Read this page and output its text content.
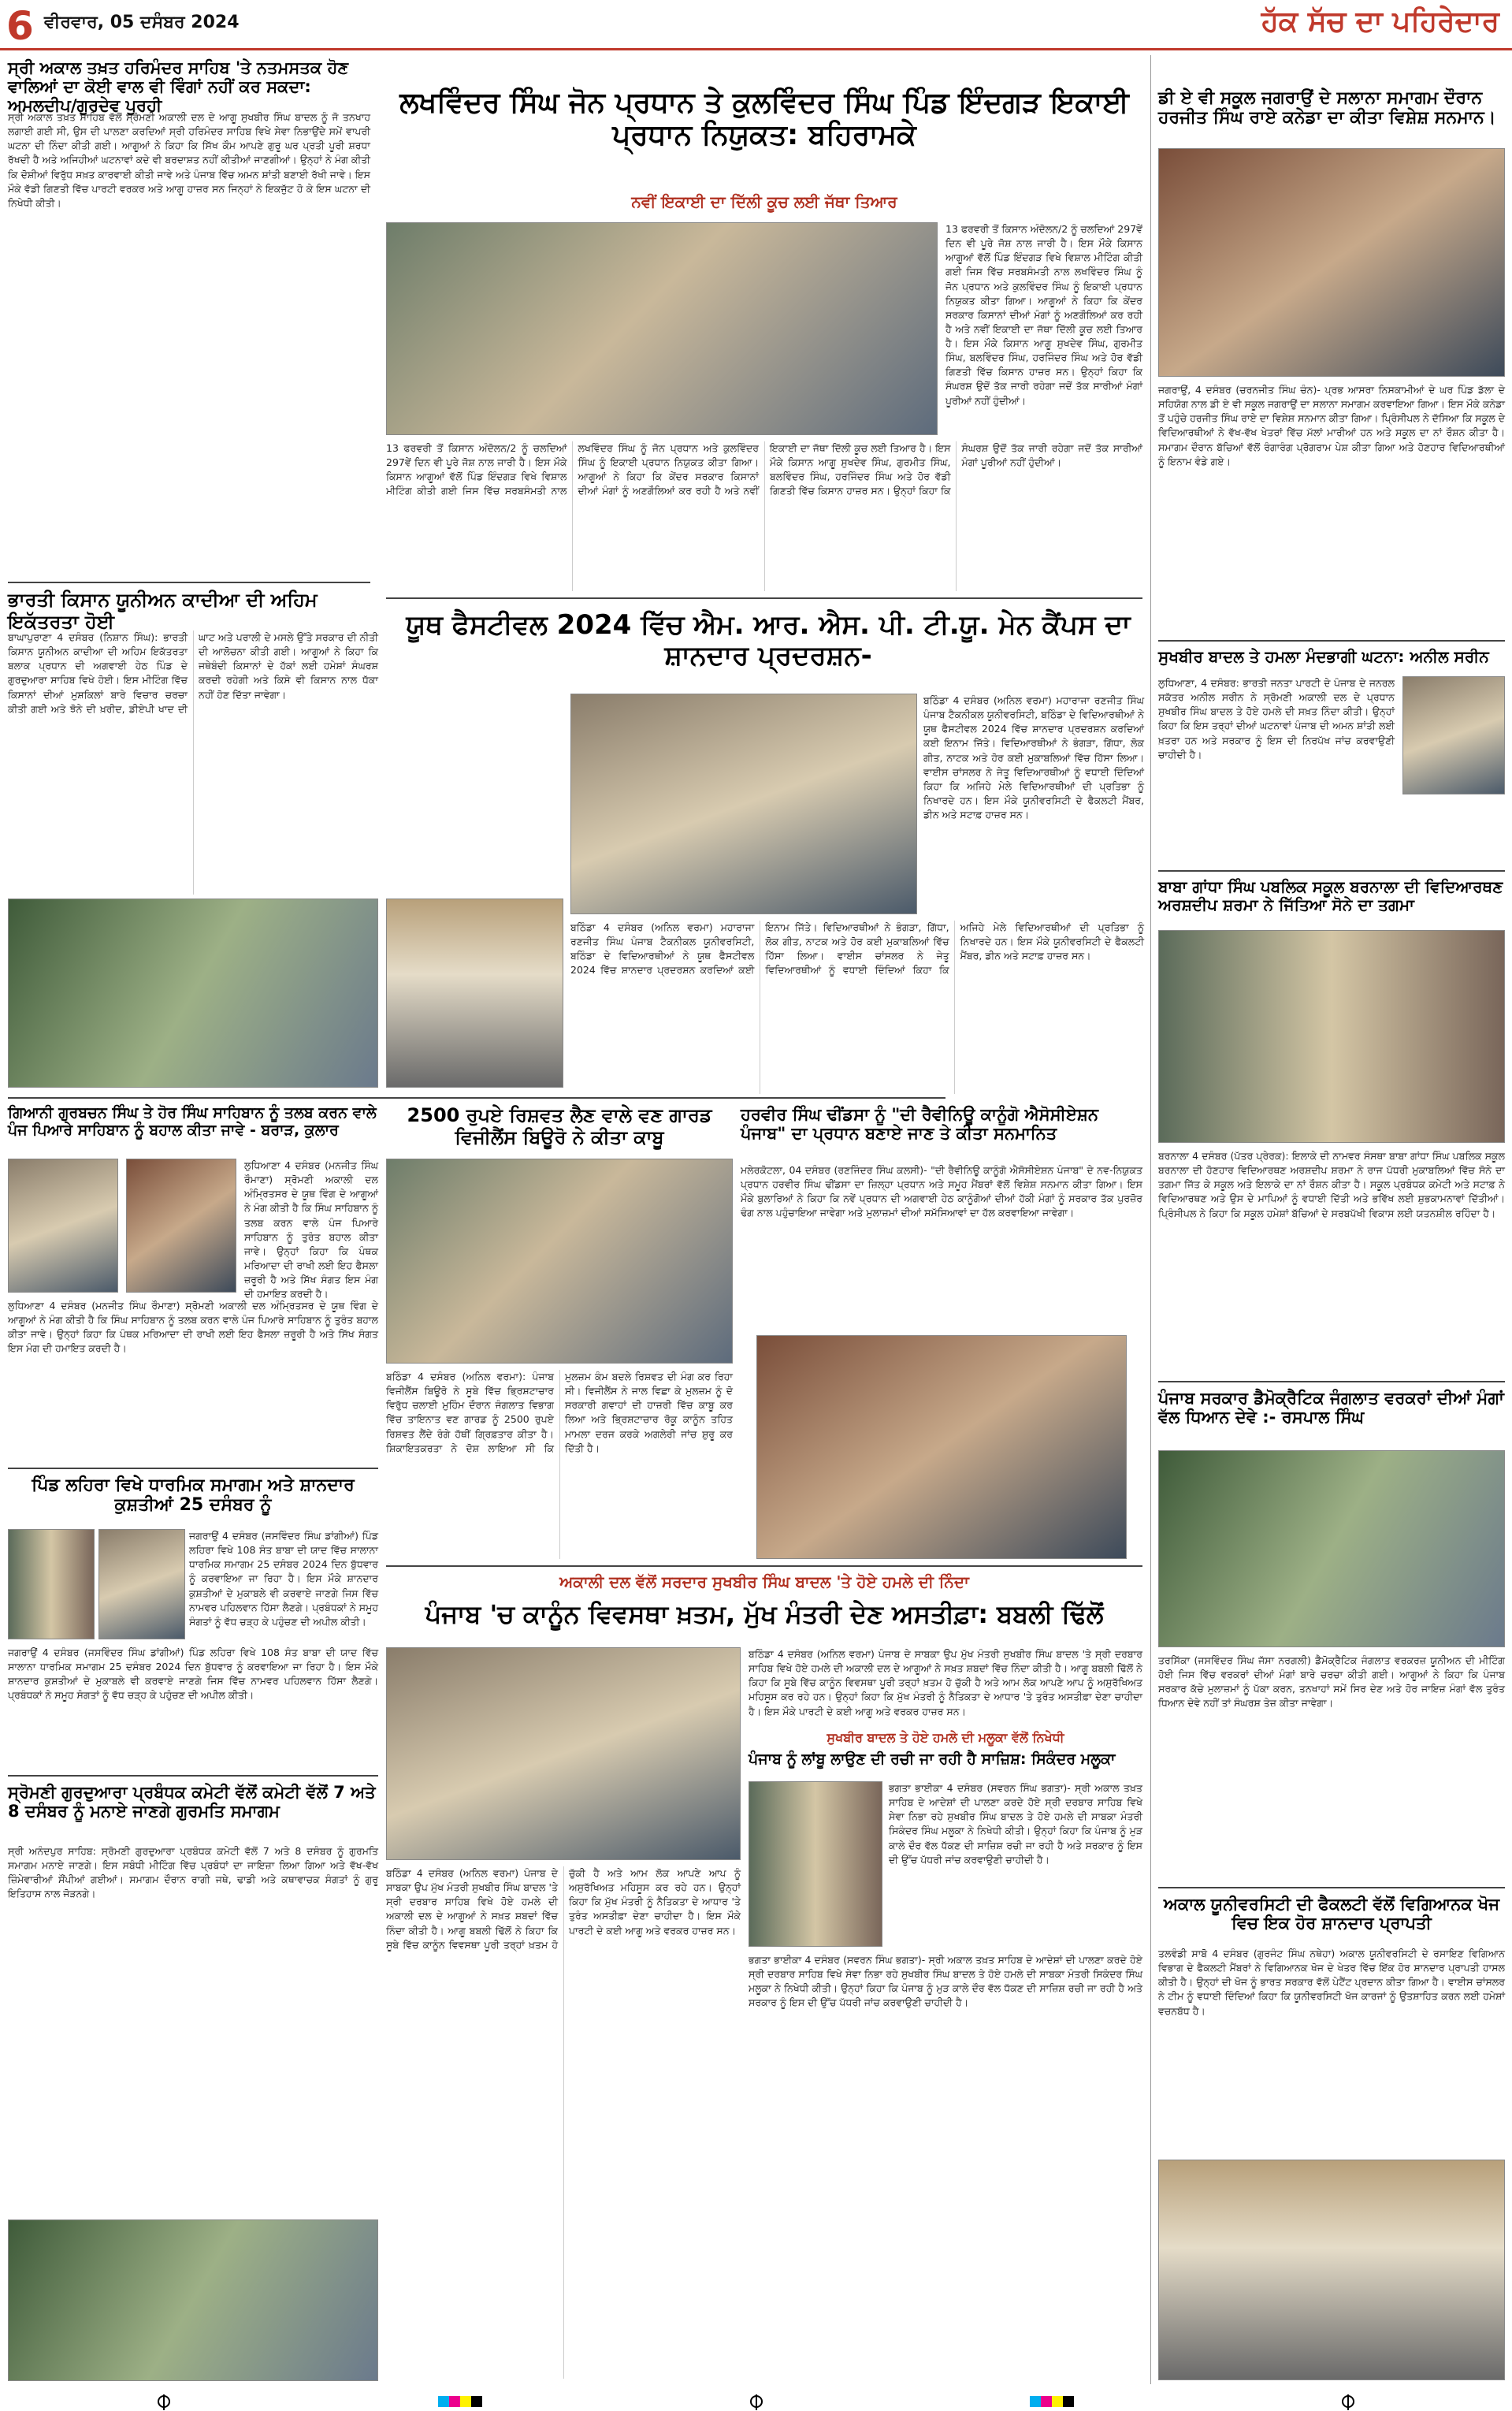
6 ਵੀਰਵਾਰ, 05 ਦਸੰਬਰ 2024	ਹੱਕ ਸੱਚ ਦਾ ਪਹਿਰੇਦਾਰ
ਸ੍ਰੀ ਅਕਾਲ ਤਖ਼ਤ ਹਰਿਮੰਦਰ ਸਾਹਿਬ 'ਤੇ ਨਤਮਸਤਕ ਹੋਣ ਵਾਲਿਆਂ ਦਾ ਕੋਈ ਵਾਲ ਵੀ ਵਿੰਗਾਂ ਨਹੀਂ ਕਰ ਸਕਦਾ: ਅਮਲਦੀਪ/ਗੁਰਦੇਵ ਪੁਰਹੀ
ਸ੍ਰੀ ਅਕਾਲ ਤਖ਼ਤ ਸਾਹਿਬ ਵੱਲੋਂ ਸ੍ਰੋਮਣੀ ਅਕਾਲੀ ਦਲ ਦੇ ਆਗੂ ਸੁਖਬੀਰ ਸਿੰਘ ਬਾਦਲ ਨੂੰ ਜੋ ਤਨਖਾਹ ਲਗਾਈ ਗਈ ਸੀ, ਉਸ ਦੀ ਪਾਲਣਾ ਕਰਦਿਆਂ ਸ੍ਰੀ ਹਰਿਮੰਦਰ ਸਾਹਿਬ ਵਿਖੇ ਸੇਵਾ ਨਿਭਾਉਂਦੇ ਸਮੇਂ ਵਾਪਰੀ ਘਟਨਾ ਦੀ ਨਿੰਦਾ ਕੀਤੀ ਗਈ। ਆਗੂਆਂ ਨੇ ਕਿਹਾ ਕਿ ਸਿੱਖ ਕੌਮ ਆਪਣੇ ਗੁਰੂ ਘਰ ਪ੍ਰਤੀ ਪੂਰੀ ਸ਼ਰਧਾ ਰੱਖਦੀ ਹੈ ਅਤੇ ਅਜਿਹੀਆਂ ਘਟਨਾਵਾਂ ਕਦੇ ਵੀ ਬਰਦਾਸ਼ਤ ਨਹੀਂ ਕੀਤੀਆਂ ਜਾਣਗੀਆਂ। ਉਨ੍ਹਾਂ ਨੇ ਮੰਗ ਕੀਤੀ ਕਿ ਦੋਸ਼ੀਆਂ ਵਿਰੁੱਧ ਸਖ਼ਤ ਕਾਰਵਾਈ ਕੀਤੀ ਜਾਵੇ ਅਤੇ ਪੰਜਾਬ ਵਿੱਚ ਅਮਨ ਸ਼ਾਂਤੀ ਬਣਾਈ ਰੱਖੀ ਜਾਵੇ। ਇਸ ਮੌਕੇ ਵੱਡੀ ਗਿਣਤੀ ਵਿੱਚ ਪਾਰਟੀ ਵਰਕਰ ਅਤੇ ਆਗੂ ਹਾਜ਼ਰ ਸਨ ਜਿਨ੍ਹਾਂ ਨੇ ਇਕਜੁੱਟ ਹੋ ਕੇ ਇਸ ਘਟਨਾ ਦੀ ਨਿਖੇਧੀ ਕੀਤੀ।
ਭਾਰਤੀ ਕਿਸਾਨ ਯੂਨੀਅਨ ਕਾਦੀਆ ਦੀ ਅਹਿਮ ਇਕੱਤਰਤਾ ਹੋਈ
ਬਾਘਾਪੁਰਾਣਾ 4 ਦਸੰਬਰ (ਨਿਸ਼ਾਨ ਸਿੰਘ): ਭਾਰਤੀ ਕਿਸਾਨ ਯੂਨੀਅਨ ਕਾਦੀਆ ਦੀ ਅਹਿਮ ਇਕੱਤਰਤਾ ਬਲਾਕ ਪ੍ਰਧਾਨ ਦੀ ਅਗਵਾਈ ਹੇਠ ਪਿੰਡ ਦੇ ਗੁਰਦੁਆਰਾ ਸਾਹਿਬ ਵਿਖੇ ਹੋਈ। ਇਸ ਮੀਟਿੰਗ ਵਿੱਚ ਕਿਸਾਨਾਂ ਦੀਆਂ ਮੁਸ਼ਕਿਲਾਂ ਬਾਰੇ ਵਿਚਾਰ ਚਰਚਾ ਕੀਤੀ ਗਈ ਅਤੇ ਝੋਨੇ ਦੀ ਖ਼ਰੀਦ, ਡੀਏਪੀ ਖਾਦ ਦੀ ਘਾਟ ਅਤੇ ਪਰਾਲੀ ਦੇ ਮਸਲੇ ਉੱਤੇ ਸਰਕਾਰ ਦੀ ਨੀਤੀ ਦੀ ਆਲੋਚਨਾ ਕੀਤੀ ਗਈ। ਆਗੂਆਂ ਨੇ ਕਿਹਾ ਕਿ ਜਥੇਬੰਦੀ ਕਿਸਾਨਾਂ ਦੇ ਹੱਕਾਂ ਲਈ ਹਮੇਸ਼ਾਂ ਸੰਘਰਸ਼ ਕਰਦੀ ਰਹੇਗੀ ਅਤੇ ਕਿਸੇ ਵੀ ਕਿਸਾਨ ਨਾਲ ਧੱਕਾ ਨਹੀਂ ਹੋਣ ਦਿੱਤਾ ਜਾਵੇਗਾ।
ਲਖਵਿੰਦਰ ਸਿੰਘ ਜੋਨ ਪ੍ਰਧਾਨ ਤੇ ਕੁਲਵਿੰਦਰ ਸਿੰਘ ਪਿੰਡ ਇੰਦਗੜ ਇਕਾਈ ਪ੍ਰਧਾਨ ਨਿਯੁਕਤ: ਬਹਿਰਾਮਕੇ
ਨਵੀਂ ਇਕਾਈ ਦਾ ਦਿੱਲੀ ਕੂਚ ਲਈ ਜੱਥਾ ਤਿਆਰ
13 ਫਰਵਰੀ ਤੋਂ ਕਿਸਾਨ ਅੰਦੋਲਨ/2 ਨੂੰ ਚਲਦਿਆਂ 297ਵੇਂ ਦਿਨ ਵੀ ਪੂਰੇ ਜੋਸ਼ ਨਾਲ ਜਾਰੀ ਹੈ। ਇਸ ਮੌਕੇ ਕਿਸਾਨ ਆਗੂਆਂ ਵੱਲੋਂ ਪਿੰਡ ਇੰਦਗੜ ਵਿਖੇ ਵਿਸ਼ਾਲ ਮੀਟਿੰਗ ਕੀਤੀ ਗਈ ਜਿਸ ਵਿੱਚ ਸਰਬਸੰਮਤੀ ਨਾਲ ਲਖਵਿੰਦਰ ਸਿੰਘ ਨੂੰ ਜੋਨ ਪ੍ਰਧਾਨ ਅਤੇ ਕੁਲਵਿੰਦਰ ਸਿੰਘ ਨੂੰ ਇਕਾਈ ਪ੍ਰਧਾਨ ਨਿਯੁਕਤ ਕੀਤਾ ਗਿਆ। ਆਗੂਆਂ ਨੇ ਕਿਹਾ ਕਿ ਕੇਂਦਰ ਸਰਕਾਰ ਕਿਸਾਨਾਂ ਦੀਆਂ ਮੰਗਾਂ ਨੂੰ ਅਣਗੌਲਿਆਂ ਕਰ ਰਹੀ ਹੈ ਅਤੇ ਨਵੀਂ ਇਕਾਈ ਦਾ ਜੱਥਾ ਦਿੱਲੀ ਕੂਚ ਲਈ ਤਿਆਰ ਹੈ। ਇਸ ਮੌਕੇ ਕਿਸਾਨ ਆਗੂ ਸੁਖਦੇਵ ਸਿੰਘ, ਗੁਰਮੀਤ ਸਿੰਘ, ਬਲਵਿੰਦਰ ਸਿੰਘ, ਹਰਜਿੰਦਰ ਸਿੰਘ ਅਤੇ ਹੋਰ ਵੱਡੀ ਗਿਣਤੀ ਵਿੱਚ ਕਿਸਾਨ ਹਾਜ਼ਰ ਸਨ। ਉਨ੍ਹਾਂ ਕਿਹਾ ਕਿ ਸੰਘਰਸ਼ ਉਦੋਂ ਤੱਕ ਜਾਰੀ ਰਹੇਗਾ ਜਦੋਂ ਤੱਕ ਸਾਰੀਆਂ ਮੰਗਾਂ ਪੂਰੀਆਂ ਨਹੀਂ ਹੁੰਦੀਆਂ।
13 ਫਰਵਰੀ ਤੋਂ ਕਿਸਾਨ ਅੰਦੋਲਨ/2 ਨੂੰ ਚਲਦਿਆਂ 297ਵੇਂ ਦਿਨ ਵੀ ਪੂਰੇ ਜੋਸ਼ ਨਾਲ ਜਾਰੀ ਹੈ। ਇਸ ਮੌਕੇ ਕਿਸਾਨ ਆਗੂਆਂ ਵੱਲੋਂ ਪਿੰਡ ਇੰਦਗੜ ਵਿਖੇ ਵਿਸ਼ਾਲ ਮੀਟਿੰਗ ਕੀਤੀ ਗਈ ਜਿਸ ਵਿੱਚ ਸਰਬਸੰਮਤੀ ਨਾਲ ਲਖਵਿੰਦਰ ਸਿੰਘ ਨੂੰ ਜੋਨ ਪ੍ਰਧਾਨ ਅਤੇ ਕੁਲਵਿੰਦਰ ਸਿੰਘ ਨੂੰ ਇਕਾਈ ਪ੍ਰਧਾਨ ਨਿਯੁਕਤ ਕੀਤਾ ਗਿਆ। ਆਗੂਆਂ ਨੇ ਕਿਹਾ ਕਿ ਕੇਂਦਰ ਸਰਕਾਰ ਕਿਸਾਨਾਂ ਦੀਆਂ ਮੰਗਾਂ ਨੂੰ ਅਣਗੌਲਿਆਂ ਕਰ ਰਹੀ ਹੈ ਅਤੇ ਨਵੀਂ ਇਕਾਈ ਦਾ ਜੱਥਾ ਦਿੱਲੀ ਕੂਚ ਲਈ ਤਿਆਰ ਹੈ। ਇਸ ਮੌਕੇ ਕਿਸਾਨ ਆਗੂ ਸੁਖਦੇਵ ਸਿੰਘ, ਗੁਰਮੀਤ ਸਿੰਘ, ਬਲਵਿੰਦਰ ਸਿੰਘ, ਹਰਜਿੰਦਰ ਸਿੰਘ ਅਤੇ ਹੋਰ ਵੱਡੀ ਗਿਣਤੀ ਵਿੱਚ ਕਿਸਾਨ ਹਾਜ਼ਰ ਸਨ। ਉਨ੍ਹਾਂ ਕਿਹਾ ਕਿ ਸੰਘਰਸ਼ ਉਦੋਂ ਤੱਕ ਜਾਰੀ ਰਹੇਗਾ ਜਦੋਂ ਤੱਕ ਸਾਰੀਆਂ ਮੰਗਾਂ ਪੂਰੀਆਂ ਨਹੀਂ ਹੁੰਦੀਆਂ।
ਯੂਥ ਫੈਸਟੀਵਲ 2024 ਵਿੱਚ ਐਮ. ਆਰ. ਐਸ. ਪੀ. ਟੀ.ਯੂ. ਮੇਨ ਕੈਂਪਸ ਦਾ ਸ਼ਾਨਦਾਰ ਪ੍ਰਦਰਸ਼ਨ-
ਬਠਿੰਡਾ 4 ਦਸੰਬਰ (ਅਨਿਲ ਵਰਮਾ) ਮਹਾਰਾਜਾ ਰਣਜੀਤ ਸਿੰਘ ਪੰਜਾਬ ਟੈਕਨੀਕਲ ਯੂਨੀਵਰਸਿਟੀ, ਬਠਿੰਡਾ ਦੇ ਵਿਦਿਆਰਥੀਆਂ ਨੇ ਯੂਥ ਫੈਸਟੀਵਲ 2024 ਵਿੱਚ ਸ਼ਾਨਦਾਰ ਪ੍ਰਦਰਸ਼ਨ ਕਰਦਿਆਂ ਕਈ ਇਨਾਮ ਜਿੱਤੇ। ਵਿਦਿਆਰਥੀਆਂ ਨੇ ਭੰਗੜਾ, ਗਿੱਧਾ, ਲੋਕ ਗੀਤ, ਨਾਟਕ ਅਤੇ ਹੋਰ ਕਈ ਮੁਕਾਬਲਿਆਂ ਵਿੱਚ ਹਿੱਸਾ ਲਿਆ। ਵਾਈਸ ਚਾਂਸਲਰ ਨੇ ਜੇਤੂ ਵਿਦਿਆਰਥੀਆਂ ਨੂੰ ਵਧਾਈ ਦਿੰਦਿਆਂ ਕਿਹਾ ਕਿ ਅਜਿਹੇ ਮੇਲੇ ਵਿਦਿਆਰਥੀਆਂ ਦੀ ਪ੍ਰਤਿਭਾ ਨੂੰ ਨਿਖਾਰਦੇ ਹਨ। ਇਸ ਮੌਕੇ ਯੂਨੀਵਰਸਿਟੀ ਦੇ ਫੈਕਲਟੀ ਮੈਂਬਰ, ਡੀਨ ਅਤੇ ਸਟਾਫ਼ ਹਾਜ਼ਰ ਸਨ।
ਬਠਿੰਡਾ 4 ਦਸੰਬਰ (ਅਨਿਲ ਵਰਮਾ) ਮਹਾਰਾਜਾ ਰਣਜੀਤ ਸਿੰਘ ਪੰਜਾਬ ਟੈਕਨੀਕਲ ਯੂਨੀਵਰਸਿਟੀ, ਬਠਿੰਡਾ ਦੇ ਵਿਦਿਆਰਥੀਆਂ ਨੇ ਯੂਥ ਫੈਸਟੀਵਲ 2024 ਵਿੱਚ ਸ਼ਾਨਦਾਰ ਪ੍ਰਦਰਸ਼ਨ ਕਰਦਿਆਂ ਕਈ ਇਨਾਮ ਜਿੱਤੇ। ਵਿਦਿਆਰਥੀਆਂ ਨੇ ਭੰਗੜਾ, ਗਿੱਧਾ, ਲੋਕ ਗੀਤ, ਨਾਟਕ ਅਤੇ ਹੋਰ ਕਈ ਮੁਕਾਬਲਿਆਂ ਵਿੱਚ ਹਿੱਸਾ ਲਿਆ। ਵਾਈਸ ਚਾਂਸਲਰ ਨੇ ਜੇਤੂ ਵਿਦਿਆਰਥੀਆਂ ਨੂੰ ਵਧਾਈ ਦਿੰਦਿਆਂ ਕਿਹਾ ਕਿ ਅਜਿਹੇ ਮੇਲੇ ਵਿਦਿਆਰਥੀਆਂ ਦੀ ਪ੍ਰਤਿਭਾ ਨੂੰ ਨਿਖਾਰਦੇ ਹਨ। ਇਸ ਮੌਕੇ ਯੂਨੀਵਰਸਿਟੀ ਦੇ ਫੈਕਲਟੀ ਮੈਂਬਰ, ਡੀਨ ਅਤੇ ਸਟਾਫ਼ ਹਾਜ਼ਰ ਸਨ।
ਡੀ ਏ ਵੀ ਸਕੂਲ ਜਗਰਾਉਂ ਦੇ ਸਲਾਨਾ ਸਮਾਗਮ ਦੌਰਾਨ ਹਰਜੀਤ ਸਿੰਘ ਰਾਏ ਕਨੇਡਾ ਦਾ ਕੀਤਾ ਵਿਸ਼ੇਸ਼ ਸਨਮਾਨ।
ਜਗਰਾਉਂ, 4 ਦਸੰਬਰ (ਚਰਨਜੀਤ ਸਿੰਘ ਚੰਨ)- ਪ੍ਰਭ ਆਸਰਾ ਨਿਸਕਾਮੀਆਂ ਦੇ ਘਰ ਪਿੰਡ ਡੱਲਾ ਦੇ ਸਹਿਯੋਗ ਨਾਲ ਡੀ ਏ ਵੀ ਸਕੂਲ ਜਗਰਾਉਂ ਦਾ ਸਲਾਨਾ ਸਮਾਗਮ ਕਰਵਾਇਆ ਗਿਆ। ਇਸ ਮੌਕੇ ਕਨੇਡਾ ਤੋਂ ਪਹੁੰਚੇ ਹਰਜੀਤ ਸਿੰਘ ਰਾਏ ਦਾ ਵਿਸ਼ੇਸ਼ ਸਨਮਾਨ ਕੀਤਾ ਗਿਆ। ਪ੍ਰਿੰਸੀਪਲ ਨੇ ਦੱਸਿਆ ਕਿ ਸਕੂਲ ਦੇ ਵਿਦਿਆਰਥੀਆਂ ਨੇ ਵੱਖ-ਵੱਖ ਖੇਤਰਾਂ ਵਿੱਚ ਮੱਲਾਂ ਮਾਰੀਆਂ ਹਨ ਅਤੇ ਸਕੂਲ ਦਾ ਨਾਂ ਰੌਸ਼ਨ ਕੀਤਾ ਹੈ। ਸਮਾਗਮ ਦੌਰਾਨ ਬੱਚਿਆਂ ਵੱਲੋਂ ਰੰਗਾਰੰਗ ਪ੍ਰੋਗਰਾਮ ਪੇਸ਼ ਕੀਤਾ ਗਿਆ ਅਤੇ ਹੋਣਹਾਰ ਵਿਦਿਆਰਥੀਆਂ ਨੂੰ ਇਨਾਮ ਵੰਡੇ ਗਏ।
ਸੁਖਬੀਰ ਬਾਦਲ ਤੇ ਹਮਲਾ ਮੰਦਭਾਗੀ ਘਟਨਾ: ਅਨੀਲ ਸਰੀਨ
ਲੁਧਿਆਣਾ, 4 ਦਸੰਬਰ: ਭਾਰਤੀ ਜਨਤਾ ਪਾਰਟੀ ਦੇ ਪੰਜਾਬ ਦੇ ਜਨਰਲ ਸਕੱਤਰ ਅਨੀਲ ਸਰੀਨ ਨੇ ਸ੍ਰੋਮਣੀ ਅਕਾਲੀ ਦਲ ਦੇ ਪ੍ਰਧਾਨ ਸੁਖਬੀਰ ਸਿੰਘ ਬਾਦਲ ਤੇ ਹੋਏ ਹਮਲੇ ਦੀ ਸਖ਼ਤ ਨਿੰਦਾ ਕੀਤੀ। ਉਨ੍ਹਾਂ ਕਿਹਾ ਕਿ ਇਸ ਤਰ੍ਹਾਂ ਦੀਆਂ ਘਟਨਾਵਾਂ ਪੰਜਾਬ ਦੀ ਅਮਨ ਸ਼ਾਂਤੀ ਲਈ ਖ਼ਤਰਾ ਹਨ ਅਤੇ ਸਰਕਾਰ ਨੂੰ ਇਸ ਦੀ ਨਿਰਪੱਖ ਜਾਂਚ ਕਰਵਾਉਣੀ ਚਾਹੀਦੀ ਹੈ।
ਬਾਬਾ ਗਾਂਧਾ ਸਿੰਘ ਪਬਲਿਕ ਸਕੂਲ ਬਰਨਾਲਾ ਦੀ ਵਿਦਿਆਰਥਣ ਅਰਸ਼ਦੀਪ ਸ਼ਰਮਾ ਨੇ ਜਿੱਤਿਆ ਸੋਨੇ ਦਾ ਤਗਮਾ
ਬਰਨਾਲਾ 4 ਦਸੰਬਰ (ਪੱਤਰ ਪ੍ਰੇਰਕ): ਇਲਾਕੇ ਦੀ ਨਾਮਵਰ ਸੰਸਥਾ ਬਾਬਾ ਗਾਂਧਾ ਸਿੰਘ ਪਬਲਿਕ ਸਕੂਲ ਬਰਨਾਲਾ ਦੀ ਹੋਣਹਾਰ ਵਿਦਿਆਰਥਣ ਅਰਸ਼ਦੀਪ ਸ਼ਰਮਾ ਨੇ ਰਾਜ ਪੱਧਰੀ ਮੁਕਾਬਲਿਆਂ ਵਿੱਚ ਸੋਨੇ ਦਾ ਤਗਮਾ ਜਿੱਤ ਕੇ ਸਕੂਲ ਅਤੇ ਇਲਾਕੇ ਦਾ ਨਾਂ ਰੌਸ਼ਨ ਕੀਤਾ ਹੈ। ਸਕੂਲ ਪ੍ਰਬੰਧਕ ਕਮੇਟੀ ਅਤੇ ਸਟਾਫ਼ ਨੇ ਵਿਦਿਆਰਥਣ ਅਤੇ ਉਸ ਦੇ ਮਾਪਿਆਂ ਨੂੰ ਵਧਾਈ ਦਿੱਤੀ ਅਤੇ ਭਵਿੱਖ ਲਈ ਸ਼ੁਭਕਾਮਨਾਵਾਂ ਦਿੱਤੀਆਂ। ਪ੍ਰਿੰਸੀਪਲ ਨੇ ਕਿਹਾ ਕਿ ਸਕੂਲ ਹਮੇਸ਼ਾਂ ਬੱਚਿਆਂ ਦੇ ਸਰਬਪੱਖੀ ਵਿਕਾਸ ਲਈ ਯਤਨਸ਼ੀਲ ਰਹਿੰਦਾ ਹੈ।
ਪੰਜਾਬ ਸਰਕਾਰ ਡੈਮੋਕ੍ਰੈਟਿਕ ਜੰਗਲਾਤ ਵਰਕਰਾਂ ਦੀਆਂ ਮੰਗਾਂ ਵੱਲ ਧਿਆਨ ਦੇਵੇ :- ਰਸਪਾਲ ਸਿੰਘ
ਤਰਸਿੱਕਾ (ਜਸਵਿੰਦਰ ਸਿੰਘ ਜੱਸਾ ਨਰਗਲੀ) ਡੈਮੋਕ੍ਰੈਟਿਕ ਜੰਗਲਾਤ ਵਰਕਰਜ਼ ਯੂਨੀਅਨ ਦੀ ਮੀਟਿੰਗ ਹੋਈ ਜਿਸ ਵਿੱਚ ਵਰਕਰਾਂ ਦੀਆਂ ਮੰਗਾਂ ਬਾਰੇ ਚਰਚਾ ਕੀਤੀ ਗਈ। ਆਗੂਆਂ ਨੇ ਕਿਹਾ ਕਿ ਪੰਜਾਬ ਸਰਕਾਰ ਕੱਚੇ ਮੁਲਾਜ਼ਮਾਂ ਨੂੰ ਪੱਕਾ ਕਰਨ, ਤਨਖਾਹਾਂ ਸਮੇਂ ਸਿਰ ਦੇਣ ਅਤੇ ਹੋਰ ਜਾਇਜ਼ ਮੰਗਾਂ ਵੱਲ ਤੁਰੰਤ ਧਿਆਨ ਦੇਵੇ ਨਹੀਂ ਤਾਂ ਸੰਘਰਸ਼ ਤੇਜ਼ ਕੀਤਾ ਜਾਵੇਗਾ।
ਅਕਾਲ ਯੂਨੀਵਰਸਿਟੀ ਦੀ ਫੈਕਲਟੀ ਵੱਲੋਂ ਵਿਗਿਆਨਕ ਖੋਜ ਵਿਚ ਇਕ ਹੋਰ ਸ਼ਾਨਦਾਰ ਪ੍ਰਾਪਤੀ
ਤਲਵੰਡੀ ਸਾਬੋ 4 ਦਸੰਬਰ (ਗੁਰਜੰਟ ਸਿੰਘ ਨਥੇਹਾ) ਅਕਾਲ ਯੂਨੀਵਰਸਿਟੀ ਦੇ ਰਸਾਇਣ ਵਿਗਿਆਨ ਵਿਭਾਗ ਦੇ ਫੈਕਲਟੀ ਮੈਂਬਰਾਂ ਨੇ ਵਿਗਿਆਨਕ ਖੋਜ ਦੇ ਖੇਤਰ ਵਿੱਚ ਇੱਕ ਹੋਰ ਸ਼ਾਨਦਾਰ ਪ੍ਰਾਪਤੀ ਹਾਸਲ ਕੀਤੀ ਹੈ। ਉਨ੍ਹਾਂ ਦੀ ਖੋਜ ਨੂੰ ਭਾਰਤ ਸਰਕਾਰ ਵੱਲੋਂ ਪੇਟੈਂਟ ਪ੍ਰਦਾਨ ਕੀਤਾ ਗਿਆ ਹੈ। ਵਾਈਸ ਚਾਂਸਲਰ ਨੇ ਟੀਮ ਨੂੰ ਵਧਾਈ ਦਿੰਦਿਆਂ ਕਿਹਾ ਕਿ ਯੂਨੀਵਰਸਿਟੀ ਖੋਜ ਕਾਰਜਾਂ ਨੂੰ ਉਤਸ਼ਾਹਿਤ ਕਰਨ ਲਈ ਹਮੇਸ਼ਾਂ ਵਚਨਬੱਧ ਹੈ।
ਗਿਆਨੀ ਗੁਰਬਚਨ ਸਿੰਘ ਤੇ ਹੋਰ ਸਿੰਘ ਸਾਹਿਬਾਨ ਨੂੰ ਤਲਬ ਕਰਨ ਵਾਲੇ ਪੰਜ ਪਿਆਰੇ ਸਾਹਿਬਾਨ ਨੂੰ ਬਹਾਲ ਕੀਤਾ ਜਾਵੇ - ਬਰਾੜ, ਕੁਲਾਰ
ਲੁਧਿਆਣਾ 4 ਦਸੰਬਰ (ਮਨਜੀਤ ਸਿੰਘ ਰੌਮਾਣਾ) ਸ੍ਰੋਮਣੀ ਅਕਾਲੀ ਦਲ ਅੰਮ੍ਰਿਤਸਰ ਦੇ ਯੂਥ ਵਿੰਗ ਦੇ ਆਗੂਆਂ ਨੇ ਮੰਗ ਕੀਤੀ ਹੈ ਕਿ ਸਿੰਘ ਸਾਹਿਬਾਨ ਨੂੰ ਤਲਬ ਕਰਨ ਵਾਲੇ ਪੰਜ ਪਿਆਰੇ ਸਾਹਿਬਾਨ ਨੂੰ ਤੁਰੰਤ ਬਹਾਲ ਕੀਤਾ ਜਾਵੇ। ਉਨ੍ਹਾਂ ਕਿਹਾ ਕਿ ਪੰਥਕ ਮਰਿਆਦਾ ਦੀ ਰਾਖੀ ਲਈ ਇਹ ਫੈਸਲਾ ਜ਼ਰੂਰੀ ਹੈ ਅਤੇ ਸਿੱਖ ਸੰਗਤ ਇਸ ਮੰਗ ਦੀ ਹਮਾਇਤ ਕਰਦੀ ਹੈ।
ਲੁਧਿਆਣਾ 4 ਦਸੰਬਰ (ਮਨਜੀਤ ਸਿੰਘ ਰੌਮਾਣਾ) ਸ੍ਰੋਮਣੀ ਅਕਾਲੀ ਦਲ ਅੰਮ੍ਰਿਤਸਰ ਦੇ ਯੂਥ ਵਿੰਗ ਦੇ ਆਗੂਆਂ ਨੇ ਮੰਗ ਕੀਤੀ ਹੈ ਕਿ ਸਿੰਘ ਸਾਹਿਬਾਨ ਨੂੰ ਤਲਬ ਕਰਨ ਵਾਲੇ ਪੰਜ ਪਿਆਰੇ ਸਾਹਿਬਾਨ ਨੂੰ ਤੁਰੰਤ ਬਹਾਲ ਕੀਤਾ ਜਾਵੇ। ਉਨ੍ਹਾਂ ਕਿਹਾ ਕਿ ਪੰਥਕ ਮਰਿਆਦਾ ਦੀ ਰਾਖੀ ਲਈ ਇਹ ਫੈਸਲਾ ਜ਼ਰੂਰੀ ਹੈ ਅਤੇ ਸਿੱਖ ਸੰਗਤ ਇਸ ਮੰਗ ਦੀ ਹਮਾਇਤ ਕਰਦੀ ਹੈ।
ਪਿੰਡ ਲਹਿਰਾ ਵਿਖੇ ਧਾਰਮਿਕ ਸਮਾਗਮ ਅਤੇ ਸ਼ਾਨਦਾਰ ਕੁਸ਼ਤੀਆਂ 25 ਦਸੰਬਰ ਨੂੰ
ਜਗਰਾਉਂ 4 ਦਸੰਬਰ (ਜਸਵਿੰਦਰ ਸਿੰਘ ਡਾਂਗੀਆਂ) ਪਿੰਡ ਲਹਿਰਾ ਵਿਖੇ 108 ਸੰਤ ਬਾਬਾ ਦੀ ਯਾਦ ਵਿੱਚ ਸਾਲਾਨਾ ਧਾਰਮਿਕ ਸਮਾਗਮ 25 ਦਸੰਬਰ 2024 ਦਿਨ ਬੁੱਧਵਾਰ ਨੂੰ ਕਰਵਾਇਆ ਜਾ ਰਿਹਾ ਹੈ। ਇਸ ਮੌਕੇ ਸ਼ਾਨਦਾਰ ਕੁਸ਼ਤੀਆਂ ਦੇ ਮੁਕਾਬਲੇ ਵੀ ਕਰਵਾਏ ਜਾਣਗੇ ਜਿਸ ਵਿੱਚ ਨਾਮਵਰ ਪਹਿਲਵਾਨ ਹਿੱਸਾ ਲੈਣਗੇ। ਪ੍ਰਬੰਧਕਾਂ ਨੇ ਸਮੂਹ ਸੰਗਤਾਂ ਨੂੰ ਵੱਧ ਚੜ੍ਹ ਕੇ ਪਹੁੰਚਣ ਦੀ ਅਪੀਲ ਕੀਤੀ।
ਜਗਰਾਉਂ 4 ਦਸੰਬਰ (ਜਸਵਿੰਦਰ ਸਿੰਘ ਡਾਂਗੀਆਂ) ਪਿੰਡ ਲਹਿਰਾ ਵਿਖੇ 108 ਸੰਤ ਬਾਬਾ ਦੀ ਯਾਦ ਵਿੱਚ ਸਾਲਾਨਾ ਧਾਰਮਿਕ ਸਮਾਗਮ 25 ਦਸੰਬਰ 2024 ਦਿਨ ਬੁੱਧਵਾਰ ਨੂੰ ਕਰਵਾਇਆ ਜਾ ਰਿਹਾ ਹੈ। ਇਸ ਮੌਕੇ ਸ਼ਾਨਦਾਰ ਕੁਸ਼ਤੀਆਂ ਦੇ ਮੁਕਾਬਲੇ ਵੀ ਕਰਵਾਏ ਜਾਣਗੇ ਜਿਸ ਵਿੱਚ ਨਾਮਵਰ ਪਹਿਲਵਾਨ ਹਿੱਸਾ ਲੈਣਗੇ। ਪ੍ਰਬੰਧਕਾਂ ਨੇ ਸਮੂਹ ਸੰਗਤਾਂ ਨੂੰ ਵੱਧ ਚੜ੍ਹ ਕੇ ਪਹੁੰਚਣ ਦੀ ਅਪੀਲ ਕੀਤੀ।
ਸ੍ਰੋਮਣੀ ਗੁਰਦੁਆਰਾ ਪ੍ਰਬੰਧਕ ਕਮੇਟੀ ਵੱਲੋਂ ਕਮੇਟੀ ਵੱਲੋਂ 7 ਅਤੇ 8 ਦਸੰਬਰ ਨੂੰ ਮਨਾਏ ਜਾਣਗੇ ਗੁਰਮਤਿ ਸਮਾਗਮ
ਸ੍ਰੀ ਅਨੰਦਪੁਰ ਸਾਹਿਬ: ਸ੍ਰੋਮਣੀ ਗੁਰਦੁਆਰਾ ਪ੍ਰਬੰਧਕ ਕਮੇਟੀ ਵੱਲੋਂ 7 ਅਤੇ 8 ਦਸੰਬਰ ਨੂੰ ਗੁਰਮਤਿ ਸਮਾਗਮ ਮਨਾਏ ਜਾਣਗੇ। ਇਸ ਸਬੰਧੀ ਮੀਟਿੰਗ ਵਿੱਚ ਪ੍ਰਬੰਧਾਂ ਦਾ ਜਾਇਜ਼ਾ ਲਿਆ ਗਿਆ ਅਤੇ ਵੱਖ-ਵੱਖ ਜ਼ਿੰਮੇਵਾਰੀਆਂ ਸੌਂਪੀਆਂ ਗਈਆਂ। ਸਮਾਗਮ ਦੌਰਾਨ ਰਾਗੀ ਜਥੇ, ਢਾਡੀ ਅਤੇ ਕਥਾਵਾਚਕ ਸੰਗਤਾਂ ਨੂੰ ਗੁਰੂ ਇਤਿਹਾਸ ਨਾਲ ਜੋੜਨਗੇ।
2500 ਰੁਪਏ ਰਿਸ਼ਵਤ ਲੈਣ ਵਾਲੇ ਵਣ ਗਾਰਡ ਵਿਜੀਲੈਂਸ ਬਿਊਰੋ ਨੇ ਕੀਤਾ ਕਾਬੂ
ਬਠਿੰਡਾ 4 ਦਸੰਬਰ (ਅਨਿਲ ਵਰਮਾ): ਪੰਜਾਬ ਵਿਜੀਲੈਂਸ ਬਿਊਰੋ ਨੇ ਸੂਬੇ ਵਿੱਚ ਭ੍ਰਿਸ਼ਟਾਚਾਰ ਵਿਰੁੱਧ ਚਲਾਈ ਮੁਹਿੰਮ ਦੌਰਾਨ ਜੰਗਲਾਤ ਵਿਭਾਗ ਵਿੱਚ ਤਾਇਨਾਤ ਵਣ ਗਾਰਡ ਨੂੰ 2500 ਰੁਪਏ ਰਿਸ਼ਵਤ ਲੈਂਦੇ ਰੰਗੇ ਹੱਥੀਂ ਗ੍ਰਿਫ਼ਤਾਰ ਕੀਤਾ ਹੈ। ਸ਼ਿਕਾਇਤਕਰਤਾ ਨੇ ਦੋਸ਼ ਲਾਇਆ ਸੀ ਕਿ ਮੁਲਜ਼ਮ ਕੰਮ ਬਦਲੇ ਰਿਸ਼ਵਤ ਦੀ ਮੰਗ ਕਰ ਰਿਹਾ ਸੀ। ਵਿਜੀਲੈਂਸ ਨੇ ਜਾਲ ਵਿਛਾ ਕੇ ਮੁਲਜ਼ਮ ਨੂੰ ਦੋ ਸਰਕਾਰੀ ਗਵਾਹਾਂ ਦੀ ਹਾਜ਼ਰੀ ਵਿੱਚ ਕਾਬੂ ਕਰ ਲਿਆ ਅਤੇ ਭ੍ਰਿਸ਼ਟਾਚਾਰ ਰੋਕੂ ਕਾਨੂੰਨ ਤਹਿਤ ਮਾਮਲਾ ਦਰਜ ਕਰਕੇ ਅਗਲੇਰੀ ਜਾਂਚ ਸ਼ੁਰੂ ਕਰ ਦਿੱਤੀ ਹੈ।
ਹਰਵੀਰ ਸਿੰਘ ਢੀਂਡਸਾ ਨੂੰ "ਦੀ ਰੈਵੀਨਿਊ ਕਾਨੂੰਗੋ ਐਸੋਸੀਏਸ਼ਨ ਪੰਜਾਬ" ਦਾ ਪ੍ਰਧਾਨ ਬਣਾਏ ਜਾਣ ਤੇ ਕੀਤਾ ਸਨਮਾਨਿਤ
ਮਲੇਰਕੋਟਲਾ, 04 ਦਸੰਬਰ (ਰਣਜਿੰਦਰ ਸਿੰਘ ਕਲਸੀ)- "ਦੀ ਰੈਵੀਨਿਊ ਕਾਨੂੰਗੋ ਐਸੋਸੀਏਸ਼ਨ ਪੰਜਾਬ" ਦੇ ਨਵ-ਨਿਯੁਕਤ ਪ੍ਰਧਾਨ ਹਰਵੀਰ ਸਿੰਘ ਢੀਂਡਸਾ ਦਾ ਜ਼ਿਲ੍ਹਾ ਪ੍ਰਧਾਨ ਅਤੇ ਸਮੂਹ ਮੈਂਬਰਾਂ ਵੱਲੋਂ ਵਿਸ਼ੇਸ਼ ਸਨਮਾਨ ਕੀਤਾ ਗਿਆ। ਇਸ ਮੌਕੇ ਬੁਲਾਰਿਆਂ ਨੇ ਕਿਹਾ ਕਿ ਨਵੇਂ ਪ੍ਰਧਾਨ ਦੀ ਅਗਵਾਈ ਹੇਠ ਕਾਨੂੰਗੋਆਂ ਦੀਆਂ ਹੱਕੀ ਮੰਗਾਂ ਨੂੰ ਸਰਕਾਰ ਤੱਕ ਪੁਰਜ਼ੋਰ ਢੰਗ ਨਾਲ ਪਹੁੰਚਾਇਆ ਜਾਵੇਗਾ ਅਤੇ ਮੁਲਾਜ਼ਮਾਂ ਦੀਆਂ ਸਮੱਸਿਆਵਾਂ ਦਾ ਹੱਲ ਕਰਵਾਇਆ ਜਾਵੇਗਾ।
ਅਕਾਲੀ ਦਲ ਵੱਲੋਂ ਸਰਦਾਰ ਸੁਖਬੀਰ ਸਿੰਘ ਬਾਦਲ 'ਤੇ ਹੋਏ ਹਮਲੇ ਦੀ ਨਿੰਦਾ
ਪੰਜਾਬ 'ਚ ਕਾਨੂੰਨ ਵਿਵਸਥਾ ਖ਼ਤਮ, ਮੁੱਖ ਮੰਤਰੀ ਦੇਣ ਅਸਤੀਫ਼ਾ: ਬਬਲੀ ਢਿੱਲੋਂ
ਬਠਿੰਡਾ 4 ਦਸੰਬਰ (ਅਨਿਲ ਵਰਮਾ) ਪੰਜਾਬ ਦੇ ਸਾਬਕਾ ਉਪ ਮੁੱਖ ਮੰਤਰੀ ਸੁਖਬੀਰ ਸਿੰਘ ਬਾਦਲ 'ਤੇ ਸ੍ਰੀ ਦਰਬਾਰ ਸਾਹਿਬ ਵਿਖੇ ਹੋਏ ਹਮਲੇ ਦੀ ਅਕਾਲੀ ਦਲ ਦੇ ਆਗੂਆਂ ਨੇ ਸਖ਼ਤ ਸ਼ਬਦਾਂ ਵਿੱਚ ਨਿੰਦਾ ਕੀਤੀ ਹੈ। ਆਗੂ ਬਬਲੀ ਢਿੱਲੋਂ ਨੇ ਕਿਹਾ ਕਿ ਸੂਬੇ ਵਿੱਚ ਕਾਨੂੰਨ ਵਿਵਸਥਾ ਪੂਰੀ ਤਰ੍ਹਾਂ ਖ਼ਤਮ ਹੋ ਚੁੱਕੀ ਹੈ ਅਤੇ ਆਮ ਲੋਕ ਆਪਣੇ ਆਪ ਨੂੰ ਅਸੁਰੱਖਿਅਤ ਮਹਿਸੂਸ ਕਰ ਰਹੇ ਹਨ। ਉਨ੍ਹਾਂ ਕਿਹਾ ਕਿ ਮੁੱਖ ਮੰਤਰੀ ਨੂੰ ਨੈਤਿਕਤਾ ਦੇ ਆਧਾਰ 'ਤੇ ਤੁਰੰਤ ਅਸਤੀਫ਼ਾ ਦੇਣਾ ਚਾਹੀਦਾ ਹੈ। ਇਸ ਮੌਕੇ ਪਾਰਟੀ ਦੇ ਕਈ ਆਗੂ ਅਤੇ ਵਰਕਰ ਹਾਜ਼ਰ ਸਨ।
ਬਠਿੰਡਾ 4 ਦਸੰਬਰ (ਅਨਿਲ ਵਰਮਾ) ਪੰਜਾਬ ਦੇ ਸਾਬਕਾ ਉਪ ਮੁੱਖ ਮੰਤਰੀ ਸੁਖਬੀਰ ਸਿੰਘ ਬਾਦਲ 'ਤੇ ਸ੍ਰੀ ਦਰਬਾਰ ਸਾਹਿਬ ਵਿਖੇ ਹੋਏ ਹਮਲੇ ਦੀ ਅਕਾਲੀ ਦਲ ਦੇ ਆਗੂਆਂ ਨੇ ਸਖ਼ਤ ਸ਼ਬਦਾਂ ਵਿੱਚ ਨਿੰਦਾ ਕੀਤੀ ਹੈ। ਆਗੂ ਬਬਲੀ ਢਿੱਲੋਂ ਨੇ ਕਿਹਾ ਕਿ ਸੂਬੇ ਵਿੱਚ ਕਾਨੂੰਨ ਵਿਵਸਥਾ ਪੂਰੀ ਤਰ੍ਹਾਂ ਖ਼ਤਮ ਹੋ ਚੁੱਕੀ ਹੈ ਅਤੇ ਆਮ ਲੋਕ ਆਪਣੇ ਆਪ ਨੂੰ ਅਸੁਰੱਖਿਅਤ ਮਹਿਸੂਸ ਕਰ ਰਹੇ ਹਨ। ਉਨ੍ਹਾਂ ਕਿਹਾ ਕਿ ਮੁੱਖ ਮੰਤਰੀ ਨੂੰ ਨੈਤਿਕਤਾ ਦੇ ਆਧਾਰ 'ਤੇ ਤੁਰੰਤ ਅਸਤੀਫ਼ਾ ਦੇਣਾ ਚਾਹੀਦਾ ਹੈ। ਇਸ ਮੌਕੇ ਪਾਰਟੀ ਦੇ ਕਈ ਆਗੂ ਅਤੇ ਵਰਕਰ ਹਾਜ਼ਰ ਸਨ।
ਸੁਖਬੀਰ ਬਾਦਲ ਤੇ ਹੋਏ ਹਮਲੇ ਦੀ ਮਲੂਕਾ ਵੱਲੋਂ ਨਿਖੇਧੀ
ਪੰਜਾਬ ਨੂੰ ਲਾਂਬੂ ਲਾਉਣ ਦੀ ਰਚੀ ਜਾ ਰਹੀ ਹੈ ਸਾਜ਼ਿਸ਼: ਸਿਕੰਦਰ ਮਲੂਕਾ
ਭਗਤਾ ਭਾਈਕਾ 4 ਦਸੰਬਰ (ਸਵਰਨ ਸਿੰਘ ਭਗਤਾ)- ਸ੍ਰੀ ਅਕਾਲ ਤਖ਼ਤ ਸਾਹਿਬ ਦੇ ਆਦੇਸ਼ਾਂ ਦੀ ਪਾਲਣਾ ਕਰਦੇ ਹੋਏ ਸ੍ਰੀ ਦਰਬਾਰ ਸਾਹਿਬ ਵਿਖੇ ਸੇਵਾ ਨਿਭਾ ਰਹੇ ਸੁਖਬੀਰ ਸਿੰਘ ਬਾਦਲ ਤੇ ਹੋਏ ਹਮਲੇ ਦੀ ਸਾਬਕਾ ਮੰਤਰੀ ਸਿਕੰਦਰ ਸਿੰਘ ਮਲੂਕਾ ਨੇ ਨਿਖੇਧੀ ਕੀਤੀ। ਉਨ੍ਹਾਂ ਕਿਹਾ ਕਿ ਪੰਜਾਬ ਨੂੰ ਮੁੜ ਕਾਲੇ ਦੌਰ ਵੱਲ ਧੱਕਣ ਦੀ ਸਾਜ਼ਿਸ਼ ਰਚੀ ਜਾ ਰਹੀ ਹੈ ਅਤੇ ਸਰਕਾਰ ਨੂੰ ਇਸ ਦੀ ਉੱਚ ਪੱਧਰੀ ਜਾਂਚ ਕਰਵਾਉਣੀ ਚਾਹੀਦੀ ਹੈ।
ਭਗਤਾ ਭਾਈਕਾ 4 ਦਸੰਬਰ (ਸਵਰਨ ਸਿੰਘ ਭਗਤਾ)- ਸ੍ਰੀ ਅਕਾਲ ਤਖ਼ਤ ਸਾਹਿਬ ਦੇ ਆਦੇਸ਼ਾਂ ਦੀ ਪਾਲਣਾ ਕਰਦੇ ਹੋਏ ਸ੍ਰੀ ਦਰਬਾਰ ਸਾਹਿਬ ਵਿਖੇ ਸੇਵਾ ਨਿਭਾ ਰਹੇ ਸੁਖਬੀਰ ਸਿੰਘ ਬਾਦਲ ਤੇ ਹੋਏ ਹਮਲੇ ਦੀ ਸਾਬਕਾ ਮੰਤਰੀ ਸਿਕੰਦਰ ਸਿੰਘ ਮਲੂਕਾ ਨੇ ਨਿਖੇਧੀ ਕੀਤੀ। ਉਨ੍ਹਾਂ ਕਿਹਾ ਕਿ ਪੰਜਾਬ ਨੂੰ ਮੁੜ ਕਾਲੇ ਦੌਰ ਵੱਲ ਧੱਕਣ ਦੀ ਸਾਜ਼ਿਸ਼ ਰਚੀ ਜਾ ਰਹੀ ਹੈ ਅਤੇ ਸਰਕਾਰ ਨੂੰ ਇਸ ਦੀ ਉੱਚ ਪੱਧਰੀ ਜਾਂਚ ਕਰਵਾਉਣੀ ਚਾਹੀਦੀ ਹੈ।
